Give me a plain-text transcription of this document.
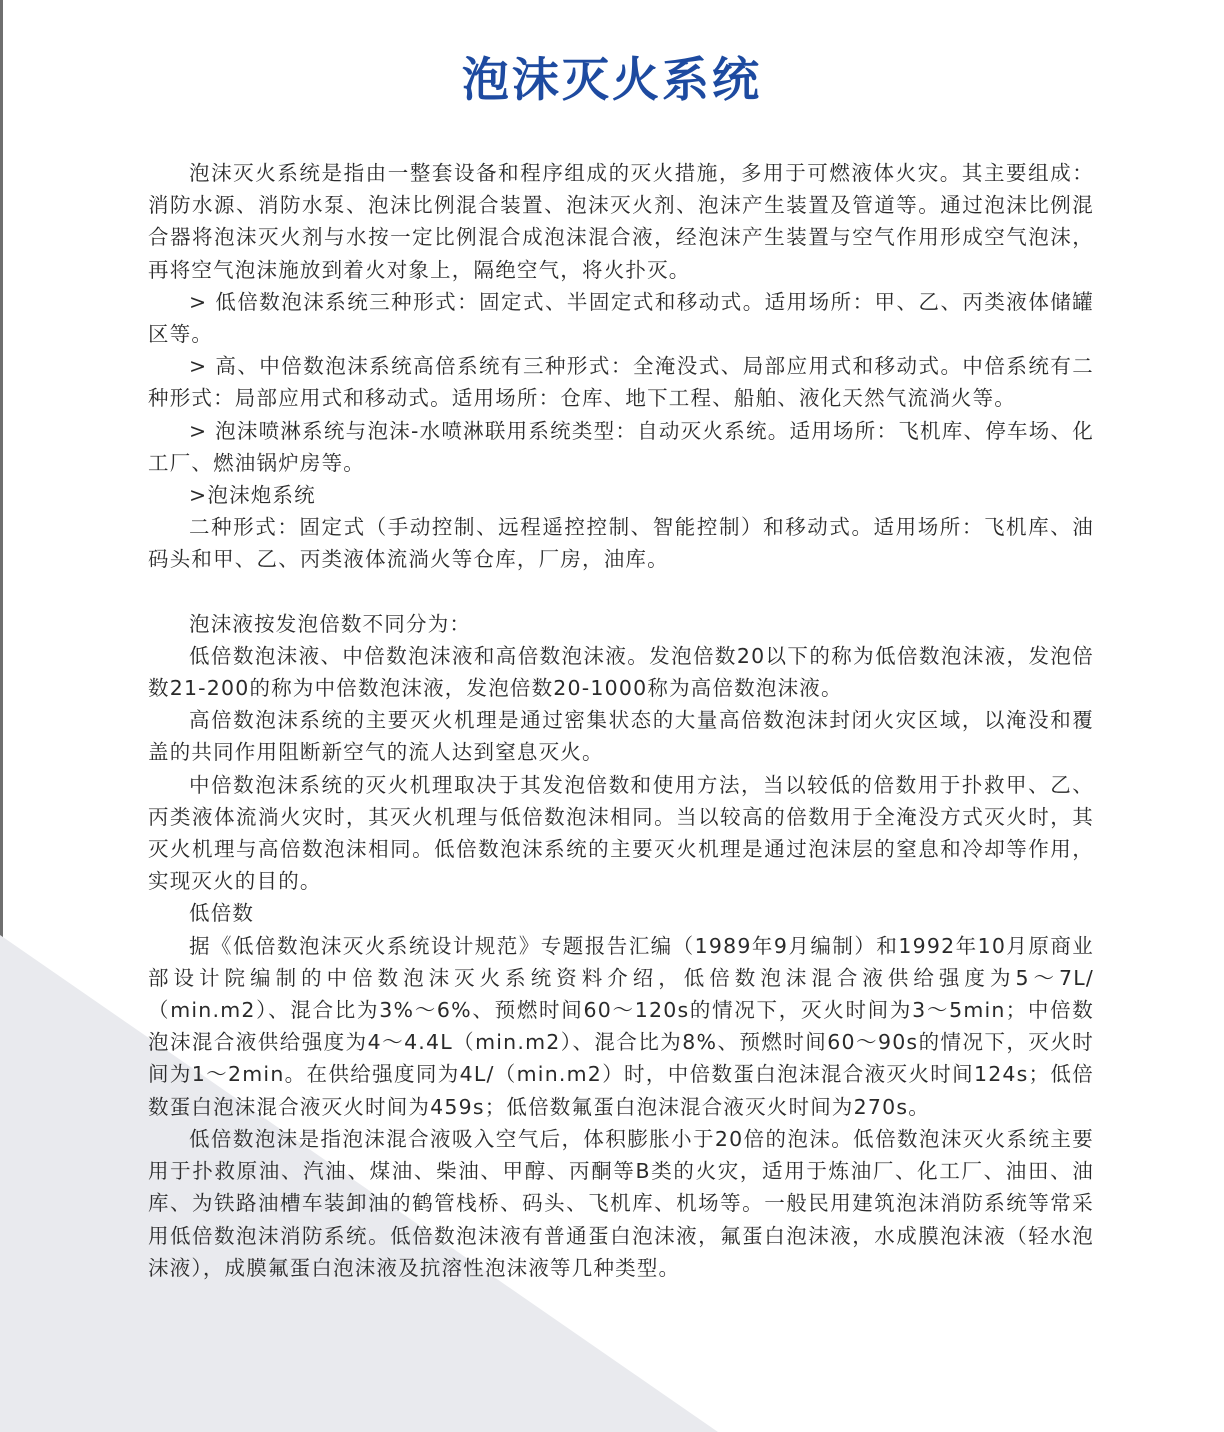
泡沫灭火系统

泡沫灭火系统是指由一整套设备和程序组成的灭火措施，多用于可燃液体火灾。其主要组成：消防水源、消防水泵、泡沫比例混合装置、泡沫灭火剂、泡沫产生装置及管道等。通过泡沫比例混合器将泡沫灭火剂与水按一定比例混合成泡沫混合液，经泡沫产生装置与空气作用形成空气泡沫，再将空气泡沫施放到着火对象上，隔绝空气，将火扑灭。

> 低倍数泡沫系统三种形式：固定式、半固定式和移动式。适用场所：甲、乙、丙类液体储罐区等。

> 高、中倍数泡沫系统高倍系统有三种形式：全淹没式、局部应用式和移动式。中倍系统有二种形式：局部应用式和移动式。适用场所：仓库、地下工程、船舶、液化天然气流淌火等。

> 泡沫喷淋系统与泡沫-水喷淋联用系统类型：自动灭火系统。适用场所：飞机库、停车场、化工厂、燃油锅炉房等。

>泡沫炮系统

二种形式：固定式（手动控制、远程遥控控制、智能控制）和移动式。适用场所：飞机库、油码头和甲、乙、丙类液体流淌火等仓库，厂房，油库。

泡沫液按发泡倍数不同分为：

低倍数泡沫液、中倍数泡沫液和高倍数泡沫液。发泡倍数20以下的称为低倍数泡沫液，发泡倍数21-200的称为中倍数泡沫液，发泡倍数20-1000称为高倍数泡沫液。

高倍数泡沫系统的主要灭火机理是通过密集状态的大量高倍数泡沫封闭火灾区域，以淹没和覆盖的共同作用阻断新空气的流人达到窒息灭火。

中倍数泡沫系统的灭火机理取决于其发泡倍数和使用方法，当以较低的倍数用于扑救甲、乙、丙类液体流淌火灾时，其灭火机理与低倍数泡沫相同。当以较高的倍数用于全淹没方式灭火时，其灭火机理与高倍数泡沫相同。低倍数泡沫系统的主要灭火机理是通过泡沫层的窒息和冷却等作用，实现灭火的目的。

低倍数

据《低倍数泡沫灭火系统设计规范》专题报告汇编（1989年9月编制）和1992年10月原商业部设计院编制的中倍数泡沫灭火系统资料介绍，低倍数泡沫混合液供给强度为5～7L/（min.m2）、混合比为3%～6%、预燃时间60～120s的情况下，灭火时间为3～5min；中倍数泡沫混合液供给强度为4～4.4L（min.m2）、混合比为8%、预燃时间60～90s的情况下，灭火时间为1～2min。在供给强度同为4L/（min.m2）时，中倍数蛋白泡沫混合液灭火时间124s；低倍数蛋白泡沫混合液灭火时间为459s；低倍数氟蛋白泡沫混合液灭火时间为270s。

低倍数泡沫是指泡沫混合液吸入空气后，体积膨胀小于20倍的泡沫。低倍数泡沫灭火系统主要用于扑救原油、汽油、煤油、柴油、甲醇、丙酮等B类的火灾，适用于炼油厂、化工厂、油田、油库、为铁路油槽车装卸油的鹤管栈桥、码头、飞机库、机场等。一般民用建筑泡沫消防系统等常采用低倍数泡沫消防系统。低倍数泡沫液有普通蛋白泡沫液，氟蛋白泡沫液，水成膜泡沫液（轻水泡沫液），成膜氟蛋白泡沫液及抗溶性泡沫液等几种类型。
